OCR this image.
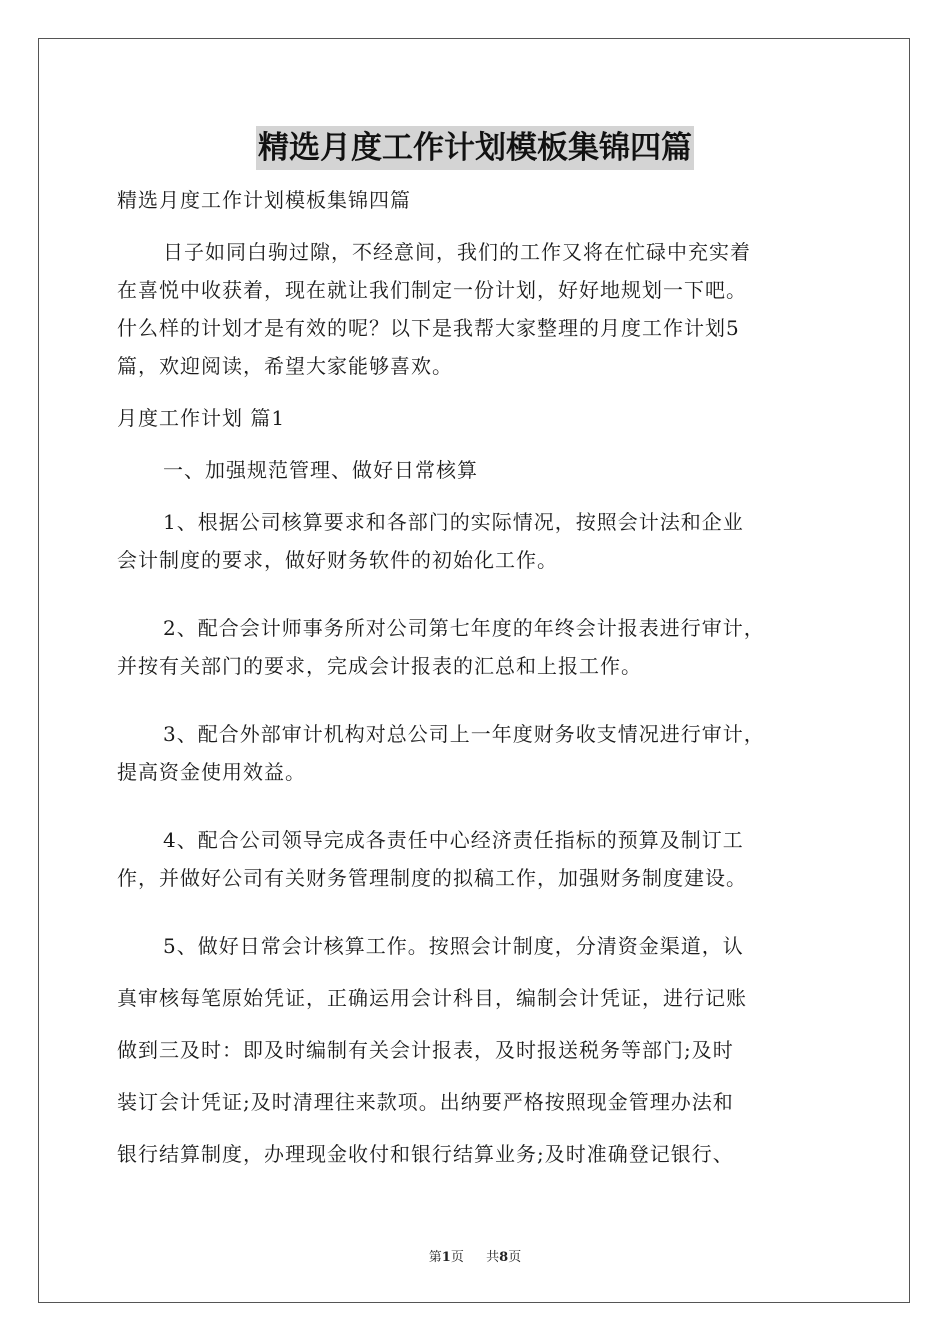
精选月度工作计划模板集锦四篇

精选月度工作计划模板集锦四篇

日子如同白驹过隙，不经意间，我们的工作又将在忙碌中充实着

在喜悦中收获着，现在就让我们制定一份计划，好好地规划一下吧。

什么样的计划才是有效的呢？以下是我帮大家整理的月度工作计划5

篇，欢迎阅读，希望大家能够喜欢。

月度工作计划 篇1

一、加强规范管理、做好日常核算

1、根据公司核算要求和各部门的实际情况，按照会计法和企业

会计制度的要求，做好财务软件的初始化工作。

2、配合会计师事务所对公司第七年度的年终会计报表进行审计，

并按有关部门的要求，完成会计报表的汇总和上报工作。

3、配合外部审计机构对总公司上一年度财务收支情况进行审计，

提高资金使用效益。

4、配合公司领导完成各责任中心经济责任指标的预算及制订工

作，并做好公司有关财务管理制度的拟稿工作，加强财务制度建设。

5、做好日常会计核算工作。按照会计制度，分清资金渠道，认

真审核每笔原始凭证，正确运用会计科目，编制会计凭证，进行记账

做到三及时：即及时编制有关会计报表，及时报送税务等部门;及时

装订会计凭证;及时清理往来款项。出纳要严格按照现金管理办法和

银行结算制度，办理现金收付和银行结算业务;及时准确登记银行、

第1页 共8页
